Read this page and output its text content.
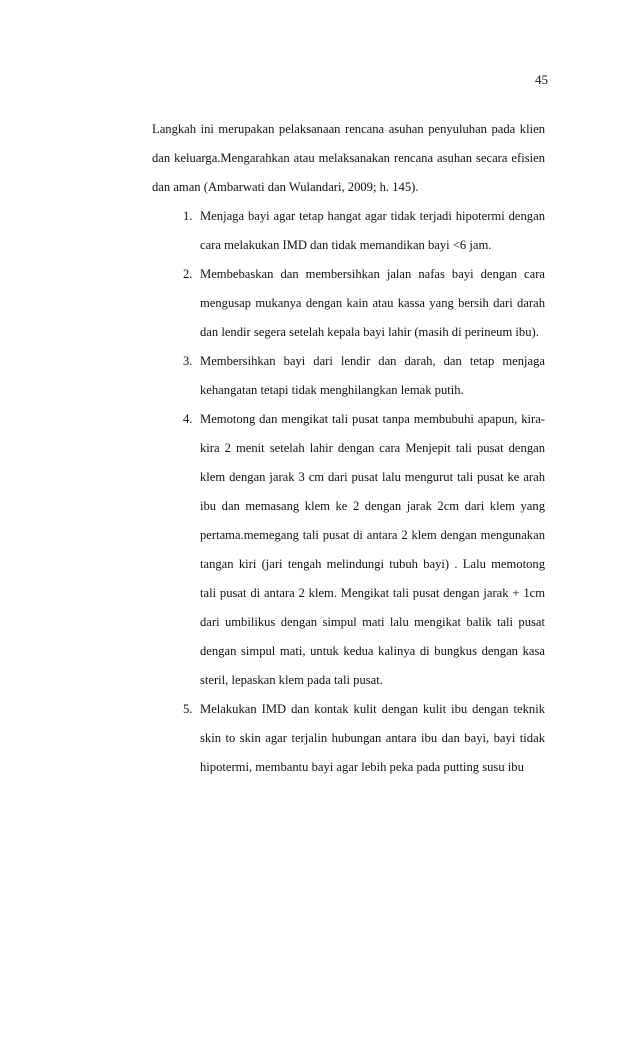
45

Langkah ini merupakan pelaksanaan rencana asuhan penyuluhan pada klien dan keluarga.Mengarahkan atau melaksanakan rencana asuhan secara efisien dan aman (Ambarwati dan Wulandari, 2009; h. 145).

1. Menjaga bayi agar tetap hangat agar tidak terjadi hipotermi dengan cara melakukan IMD dan tidak memandikan bayi <6 jam.
2. Membebaskan dan membersihkan jalan nafas bayi dengan cara mengusap mukanya dengan kain atau kassa yang bersih dari darah dan lendir segera setelah kepala bayi lahir (masih di perineum ibu).
3. Membersihkan bayi dari lendir dan darah, dan tetap menjaga kehangatan tetapi tidak menghilangkan lemak putih.
4. Memotong dan mengikat tali pusat tanpa membubuhi apapun, kira-kira 2 menit setelah lahir dengan cara Menjepit tali pusat dengan klem dengan jarak 3 cm dari pusat lalu mengurut tali pusat ke arah ibu dan memasang klem ke 2 dengan jarak 2cm dari klem yang pertama.memegang tali pusat di antara 2 klem dengan mengunakan tangan kiri (jari tengah melindungi tubuh bayi) . Lalu memotong tali pusat di antara 2 klem. Mengikat tali pusat dengan jarak + 1cm dari umbilikus dengan simpul mati lalu mengikat balik tali pusat dengan simpul mati, untuk kedua kalinya di bungkus dengan kasa steril, lepaskan klem pada tali pusat.
5. Melakukan IMD dan kontak kulit dengan kulit ibu dengan teknik skin to skin agar terjalin hubungan antara ibu dan bayi, bayi tidak hipotermi, membantu bayi agar lebih peka pada putting susu ibu
